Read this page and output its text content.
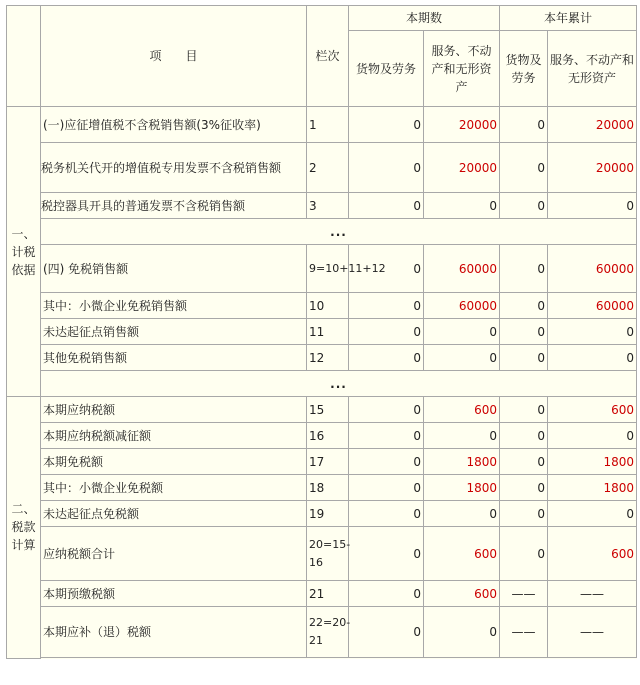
	项　　目	栏次	本期数		本年累计	
			货物及劳务	服务、不动产和无形资产	货物及劳务	服务、不动产和无形资产
一、计税依据	(一)应征增值税不含税销售额(3%征收率)	1	0	20000	0	20000
	税务机关代开的增值税专用发票不含税销售额	2	0	20000	0	20000
	税控器具开具的普通发票不含税销售额	3	0	0	0	0
	...					
	(四) 免税销售额	9=10+11+12	0	60000	0	60000
	其中：小微企业免税销售额	10	0	60000	0	60000
	未达起征点销售额	11	0	0	0	0
	其他免税销售额	12	0	0	0	0
	...					
二、税款计算	本期应纳税额	15	0	600	0	600
	本期应纳税额减征额	16	0	0	0	0
	本期免税额	17	0	1800	0	1800
	其中：小微企业免税额	18	0	1800	0	1800
	未达起征点免税额	19	0	0	0	0
	应纳税额合计	20=15-16	0	600	0	600
	本期预缴税额	21	0	600	——	——
	本期应补（退）税额	22=20-21	0	0	——	——
